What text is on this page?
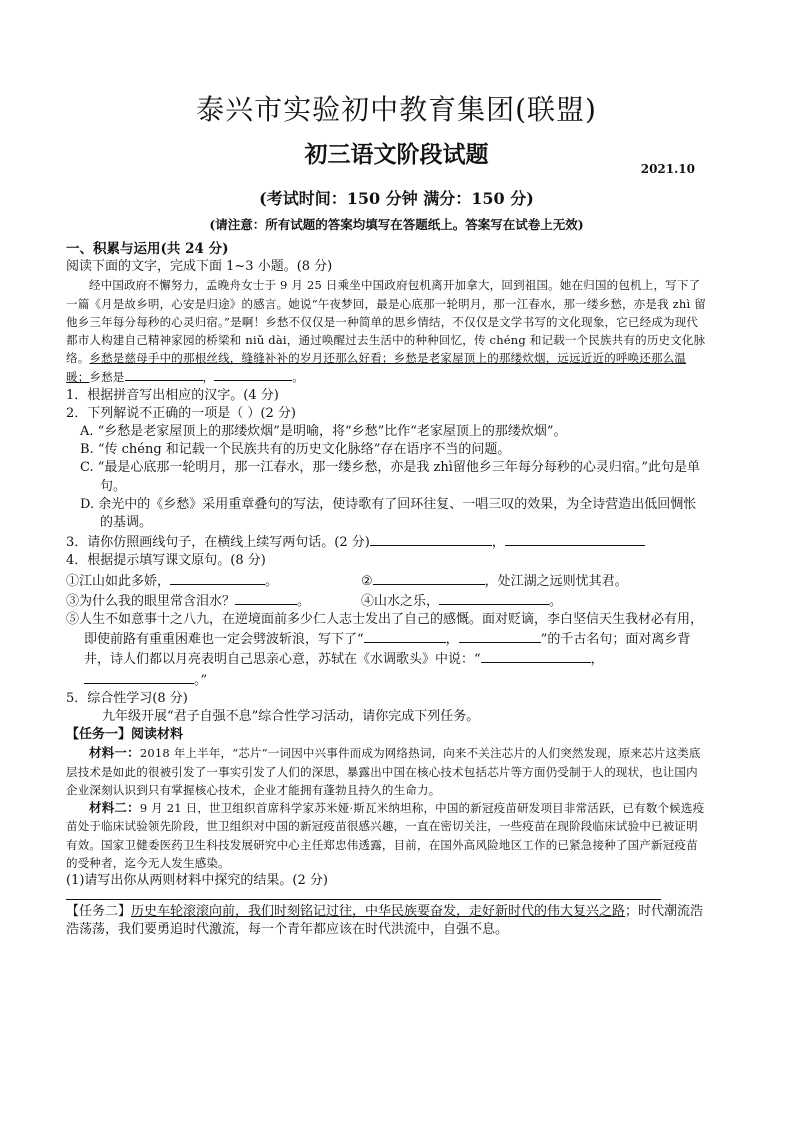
泰兴市实验初中教育集团(联盟)
初三语文阶段试题
2021.10
(考试时间：150 分钟 满分：150 分)
(请注意：所有试题的答案均填写在答题纸上。答案写在试卷上无效)

一、积累与运用(共 24 分)

阅读下面的文字，完成下面 1~3 小题。(8 分)

经中国政府不懈努力，孟晚舟女士于 9 月 25 日乘坐中国政府包机离开加拿大，回到祖国。她在归国的包机上，写下了一篇《月是故乡明，心安是归途》的感言。她说“午夜梦回，最是心底那一轮明月，那一江春水，那一缕乡愁，亦是我 zhì 留他乡三年每分每秒的心灵归宿。”是啊！乡愁不仅仅是一种简单的思乡情结，不仅仅是文学书写的文化现象，它已经成为现代都市人构建自己精神家园的桥梁和 niǔ dài，通过唤醒过去生活中的种种回忆，传 chéng 和记载一个民族共有的历史文化脉络。乡愁是慈母手中的那根丝线，缝缝补补的岁月还那么好看；乡愁是老家屋顶上的那缕炊烟，远远近近的呼唤还那么温暖；乡愁是	，	。

1．根据拼音写出相应的汉字。(4 分)

2．下列解说不正确的一项是（ ）(2 分)

A. “乡愁是老家屋顶上的那缕炊烟”是明喻，将“乡愁”比作“老家屋顶上的那缕炊烟”。

B. “传 chéng 和记载一个民族共有的历史文化脉络”存在语序不当的问题。

C. “最是心底那一轮明月，那一江春水，那一缕乡愁，亦是我 zhì留他乡三年每分每秒的心灵归宿。”此句是单句。

D. 余光中的《乡愁》采用重章叠句的写法，使诗歌有了回环往复、一唱三叹的效果，为全诗营造出低回惆怅的基调。

3．请你仿照画线句子，在横线上续写两句话。(2 分)	，

4．根据提示填写课文原句。(8 分)

①江山如此多娇，	。	②	，处江湖之远则忧其君。
③为什么我的眼里常含泪水？	。	④山水之乐，	。

⑤人生不如意事十之八九，在逆境面前多少仁人志士发出了自己的感慨。面对贬谪，李白坚信天生我材必有用，即使前路有重重困难也一定会劈波斩浪，写下了“	，	”的千古名句；面对离乡背井，诗人们都以月亮表明自己思亲心意，苏轼在《水调歌头》中说：“	，。”

5．综合性学习(8 分)

九年级开展“君子自强不息”综合性学习活动，请你完成下列任务。

【任务一】阅读材料

材料一：2018 年上半年，“芯片”一词因中兴事件而成为网络热词，向来不关注芯片的人们突然发现，原来芯片这类底层技术是如此的很被引发了一事实引发了人们的深思，暴露出中国在核心技术包括芯片等方面仍受制于人的现状，也让国内企业深刻认识到只有掌握核心技术，企业才能拥有蓬勃且持久的生命力。

材料二：9 月 21 日，世卫组织首席科学家苏米娅·斯瓦米纳坦称，中国的新冠疫苗研发项目非常活跃，已有数个候选疫苗处于临床试验领先阶段，世卫组织对中国的新冠疫苗很感兴趣，一直在密切关注，一些疫苗在现阶段临床试验中已被证明有效。国家卫健委医药卫生科技发展研究中心主任郑忠伟透露，目前，在国外高风险地区工作的已紧急接种了国产新冠疫苗的受种者，迄今无人发生感染。

(1)请写出你从两则材料中探究的结果。(2 分)

【任务二】历史车轮滚滚向前，我们时刻铭记过往，中华民族要奋发，走好新时代的伟大复兴之路；时代潮流浩浩荡荡，我们要勇追时代激流，每一个青年都应该在时代洪流中，自强不息。
